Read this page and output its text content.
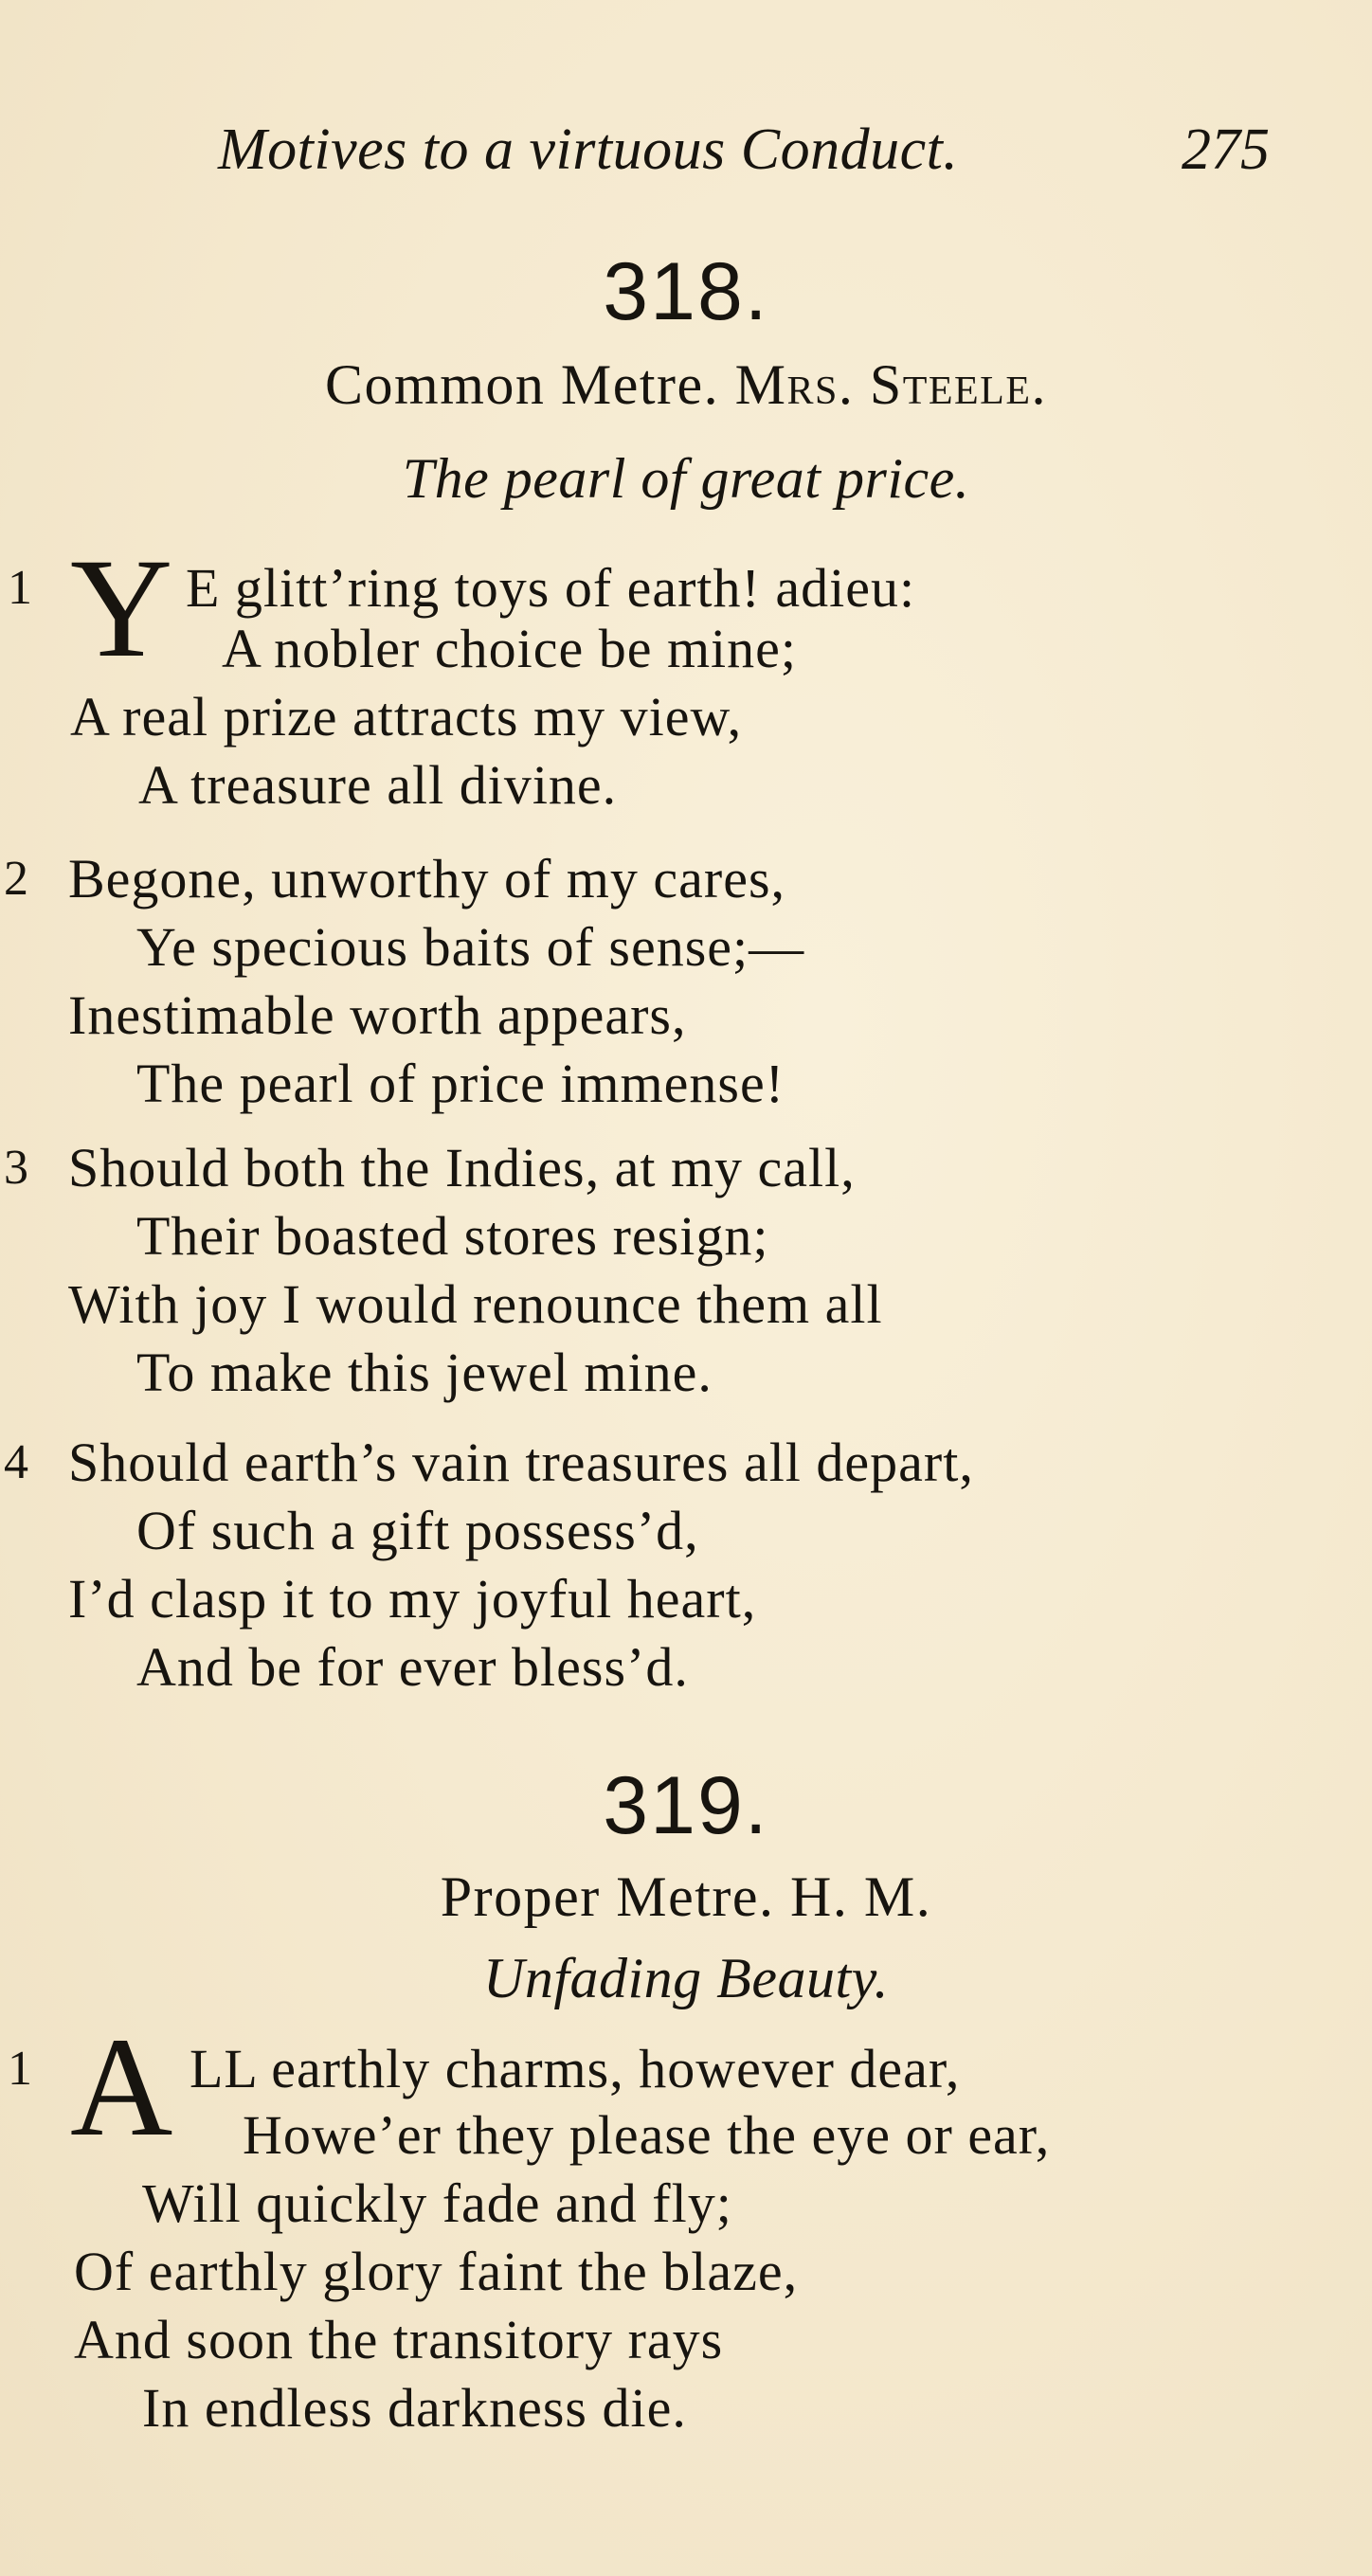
Motives to a virtuous Conduct.	275
318.
Common Metre. Mrs. Steele.
The pearl of great price.
1 Y E glitt’ring toys of earth! adieu:
A nobler choice be mine;
A real prize attracts my view,
A treasure all divine.
2 Begone, unworthy of my cares,
Ye specious baits of sense;—
Inestimable worth appears,
The pearl of price immense!
3 Should both the Indies, at my call,
Their boasted stores resign;
With joy I would renounce them all
To make this jewel mine.
4 Should earth’s vain treasures all depart,
Of such a gift possess’d,
I’d clasp it to my joyful heart,
And be for ever bless’d.
319.
Proper Metre. H. M.
Unfading Beauty.
1 A LL earthly charms, however dear,
Howe’er they please the eye or ear,
Will quickly fade and fly;
Of earthly glory faint the blaze,
And soon the transitory rays
In endless darkness die.
